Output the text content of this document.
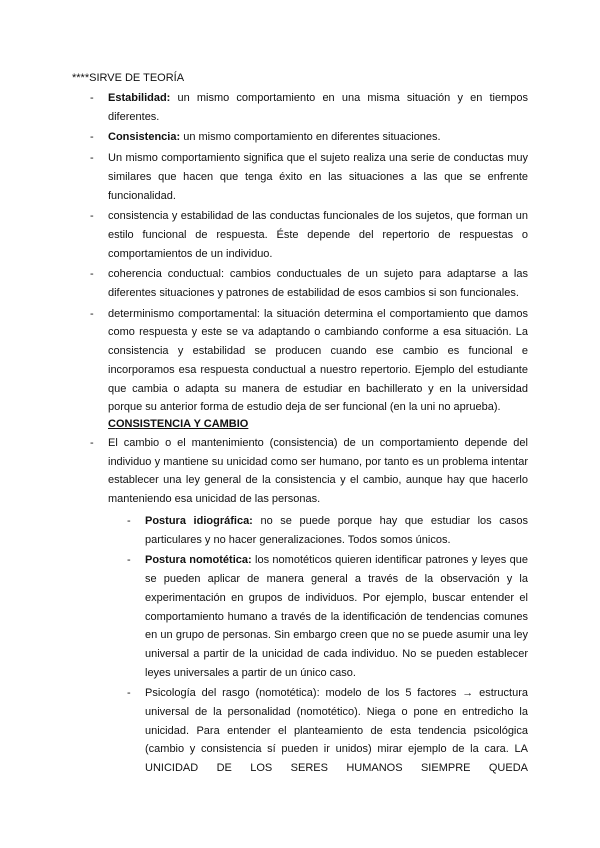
****SIRVE DE TEORÍA
- Estabilidad: un mismo comportamiento en una misma situación y en tiempos diferentes.
- Consistencia: un mismo comportamiento en diferentes situaciones.
- Un mismo comportamiento significa que el sujeto realiza una serie de conductas muy similares que hacen que tenga éxito en las situaciones a las que se enfrente funcionalidad.
- consistencia y estabilidad de las conductas funcionales de los sujetos, que forman un estilo funcional de respuesta. Éste depende del repertorio de respuestas o comportamientos de un individuo.
- coherencia conductual: cambios conductuales de un sujeto para adaptarse a las diferentes situaciones y patrones de estabilidad de esos cambios si son funcionales.
- determinismo comportamental: la situación determina el comportamiento que damos como respuesta y este se va adaptando o cambiando conforme a esa situación. La consistencia y estabilidad se producen cuando ese cambio es funcional e incorporamos esa respuesta conductual a nuestro repertorio. Ejemplo del estudiante que cambia o adapta su manera de estudiar en bachillerato y en la universidad porque su anterior forma de estudio deja de ser funcional (en la uni no aprueba).
CONSISTENCIA Y CAMBIO
- El cambio o el mantenimiento (consistencia) de un comportamiento depende del individuo y mantiene su unicidad como ser humano, por tanto es un problema intentar establecer una ley general de la consistencia y el cambio, aunque hay que hacerlo manteniendo esa unicidad de las personas.
- Postura idiográfica: no se puede porque hay que estudiar los casos particulares y no hacer generalizaciones. Todos somos únicos.
- Postura nomotética: los nomotéticos quieren identificar patrones y leyes que se pueden aplicar de manera general a través de la observación y la experimentación en grupos de individuos. Por ejemplo, buscar entender el comportamiento humano a través de la identificación de tendencias comunes en un grupo de personas. Sin embargo creen que no se puede asumir una ley universal a partir de la unicidad de cada individuo. No se pueden establecer leyes universales a partir de un único caso.
- Psicología del rasgo (nomotética): modelo de los 5 factores → estructura universal de la personalidad (nomotético). Niega o pone en entredicho la unicidad. Para entender el planteamiento de esta tendencia psicológica (cambio y consistencia sí pueden ir unidos) mirar ejemplo de la cara. LA UNICIDAD DE LOS SERES HUMANOS SIEMPRE QUEDA
